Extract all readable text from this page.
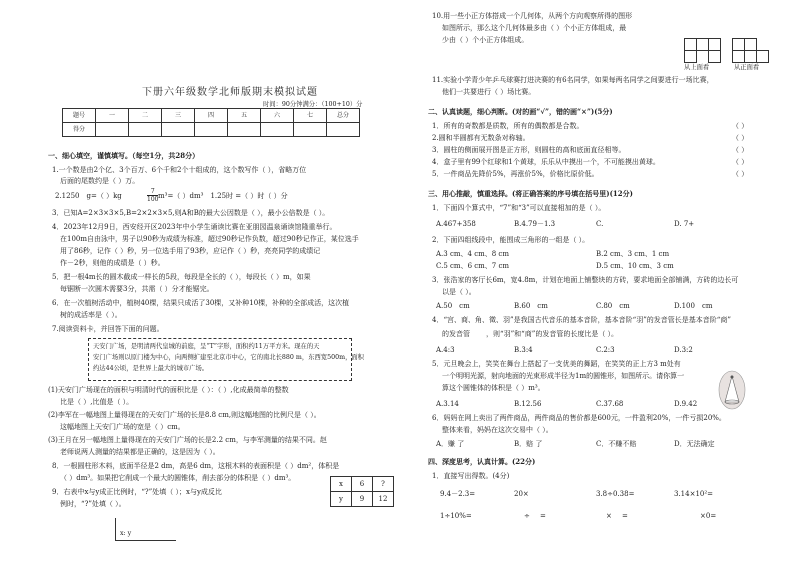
下册六年级数学北师版期末模拟试题
时间：90分钟满分：（100+10）分
题号	一	二	三	四	五	六	七	总分
得分								
一、细心填空，谨慎填写。（每空1分，共28分）
1.一个数是由2个亿、3个百万、6个千和2个十组成的，这个数写作（ ），省略万位
后面的尾数约是（ ）万。
2.1250　g=（ ）kg　	$\frac{7}{100} m^3=$（ ）dm³　1.25时 =（ ）时（ ）分
3．已知A=2×3×3×5,B=2×2×3×5,则A和B的最大公因数是（ ），最小公倍数是（ ）。
4．2023年12月9日，西安经开区2023年中小学生诵读比赛在亚朋园温泉诵读馆隆重举行。
在100m自由泳中，男子以90秒为成绩为标准，超过90秒记作负数，超过90秒记作正，某位选手
用了86秒，记作（ ）秒，另一位选手用了93秒，应记作（ ）秒，亮亮同学的成绩记
作－2秒，则他的成绩是（ ）秒。
5．把一根4m长的圆木截成一样长的5段，每段是全长的（ ），每段长（ ）m，如果
每锯断一次圆木需要3分，共需（ ）分才能锯完。
6．在一次植树活动中，植树40棵，结果只成活了30棵，又补种10棵，补种的全部成活，这次植
树的成活率是（ ）。
7.阅读资料卡，并回答下面的问题。
天安门广场，是明清两代皇城的前庭，呈“T”字形，面积约11万平方米。现在的天
安门广场则以原门楼为中心，向两侧扩建至北京市中心，它的南北长880 m，东西宽500m，面积
约达44公顷，是世界上最大的城市广场。
(1)天安门广场现在的面积与明清时代的面积比是（ ）：（ ）,化成最简单的整数
比是（ ）,比值是（ ）。
(2)李军在一幅地图上量得现在的天安门广场的长是8.8 cm,则这幅地图的比例尺是（ ）。
这幅地图上天安门广场的宽是（ ）cm。
(3)王月在另一幅地图上量得现在的天安门广场的长是2.2 cm，与李军测量的结果不同。赵
老师说两人测量的结果都是正确的，这是因为（ ）。
8．一根圆柱形木料，底面半径是2 dm，高是6 dm，这根木料的表面积是（ ）dm²，体积是
（ ）dm³。如果把它削成一个最大的圆锥体，削去部分的体积是（ ）dm³。
9．右表中x与y成正比例时，“?”处填（ ）；x与y成反比
例时，“?”处填（ ）。
x	6	?
y	9	12
x: y
10.用一些小正方体搭成一个几何体，从两个方向观察所得的图形
如图所示，那么这个几何体最多由（ ）个小正方体组成，最
少由（ ）个小正方体组成。
从上面看	从正面看
11.实验小学青少年乒乓球赛打进决赛的有6名同学，如果每两名同学之间要进行一场比赛，
他们一共要进行（ ）场比赛。
二、认真读题，细心判断。(对的画“√”，错的画“×”)(5分)
1．所有的奇数都是质数，所有的偶数都是合数。
2.圆和半圆都有无数条对称轴。
3．圆柱的侧面展开图是正方形，则圆柱的高和底面直径相等。
4．盒子里有99个红球和1个黄球，乐乐从中摸出一个，不可能摸出黄球。
5．一件商品先降价5%，再涨价5%，价格比原价低。
（ ）
（ ）
（ ）
（ ）
（ ）
三、用心推敲，慎重选择。(将正确答案的序号填在括号里)(12分)
1．下面四个算式中，“7”和“3”可以直接相加的是（ ）。
A.467+358	B.4.79－1.3	C.	D. 7+
2．下面四组线段中，能围成三角形的一组是（ ）。
A.3 cm、4 cm、8 cm	B.2 cm、3 cm、1 cm
C.5 cm、6 cm、7 cm	D.5 cm、10 cm、3 cm
3．张浩家的客厅长6m，宽4.8m，计划在地面上铺整块的方砖，要求地面全部铺满，方砖的边长可
以是（ ）。
A.50　cm	B.60　cm	C.80　cm	D.100　cm
4．“宫、商、角、徵、羽”是我国古代音乐的基本音阶，基本音阶“羽”的发音管长是基本音阶“商”
的发音管 ，则“羽”和“商”的发音管的长度比是（ ）。
A.4:3	B.3:4	C.2:3	D.3:2
5．元旦晚会上，笑笑在舞台上搭起了一支优美的舞蹈，在笑笑的正上方3 m处有
一个明明光源，射向地面的光束形成半径为1m的圆锥形，如图所示。请你算一
算这个圆锥体的体积是（ ）m³。
A.3.14	B.12.56	C.37.68	D.9.42
6．妈妈在网上卖出了两件商品，两件商品的售价都是600元，一件盈利20%，一件亏损20%。
整体来看，妈妈在这次交易中（ ）。
A．赚 了	B．赔 了	C．不赚不赔	D．无法确定
四、深度思考，认真计算。(22分)
1．直接写出得数。(4分)
9.4－2.3=	20×	3.8÷0.38=	3.14×10²=
1÷10%=	÷ =	× =	×0=
